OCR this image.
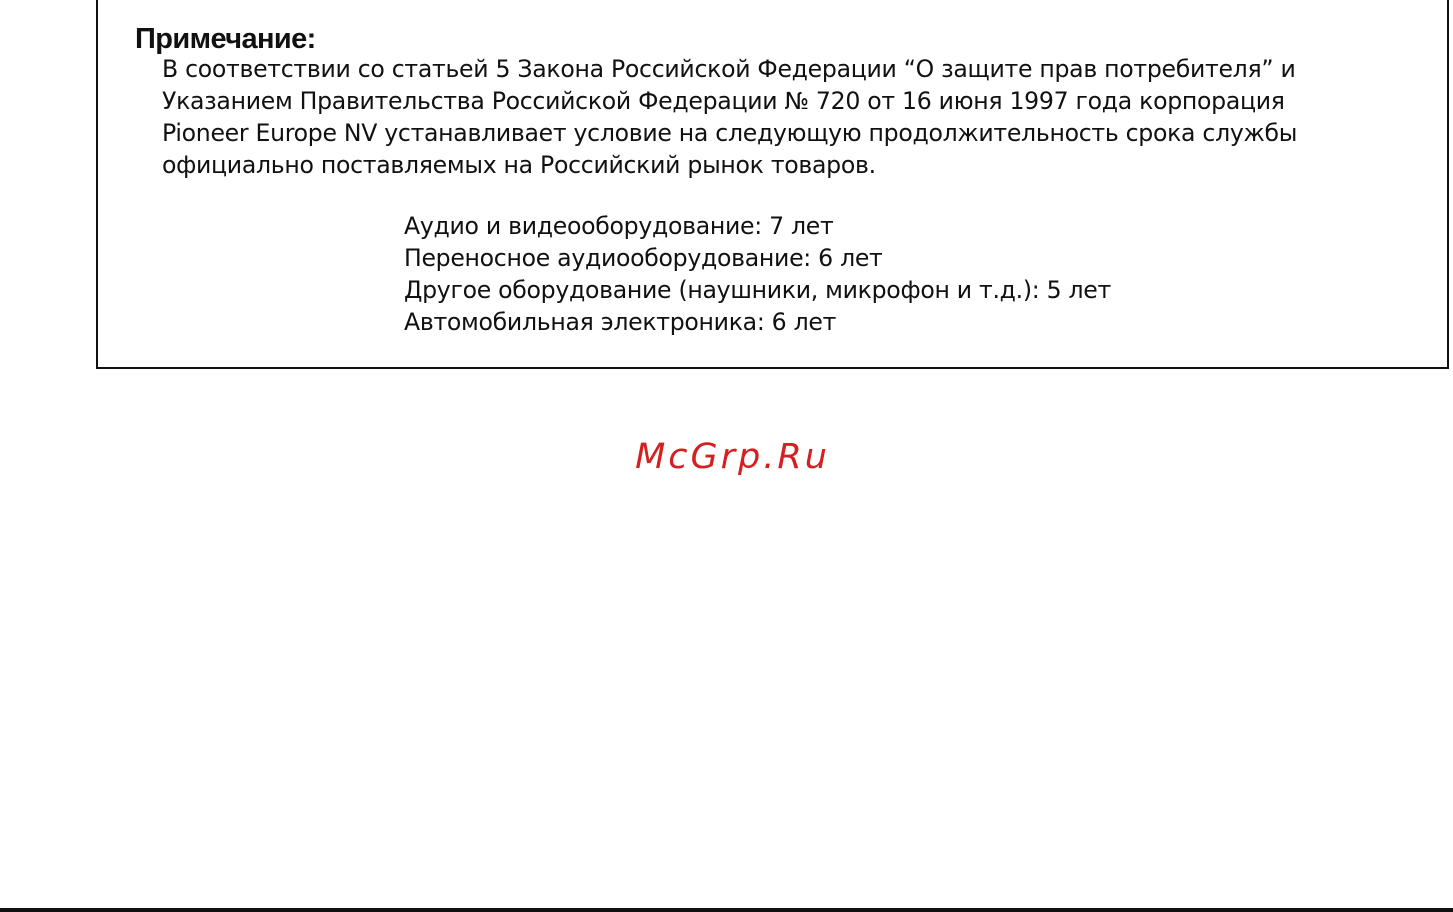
Примечание:
В соответствии со статьей 5 Закона Российской Федерации “О защите прав потребителя” и
Указанием Правительства Российской Федерации № 720 от 16 июня 1997 года корпорация
Pioneer Europe NV устанавливает условие на следующую продолжительность срока службы
официально поставляемых на Российский рынок товаров.
Аудио и видеооборудование: 7 лет
Переносное аудиооборудование: 6 лет
Другое оборудование (наушники, микрофон и т.д.): 5 лет
Автомобильная электроника: 6 лет

McGrp.Ru
